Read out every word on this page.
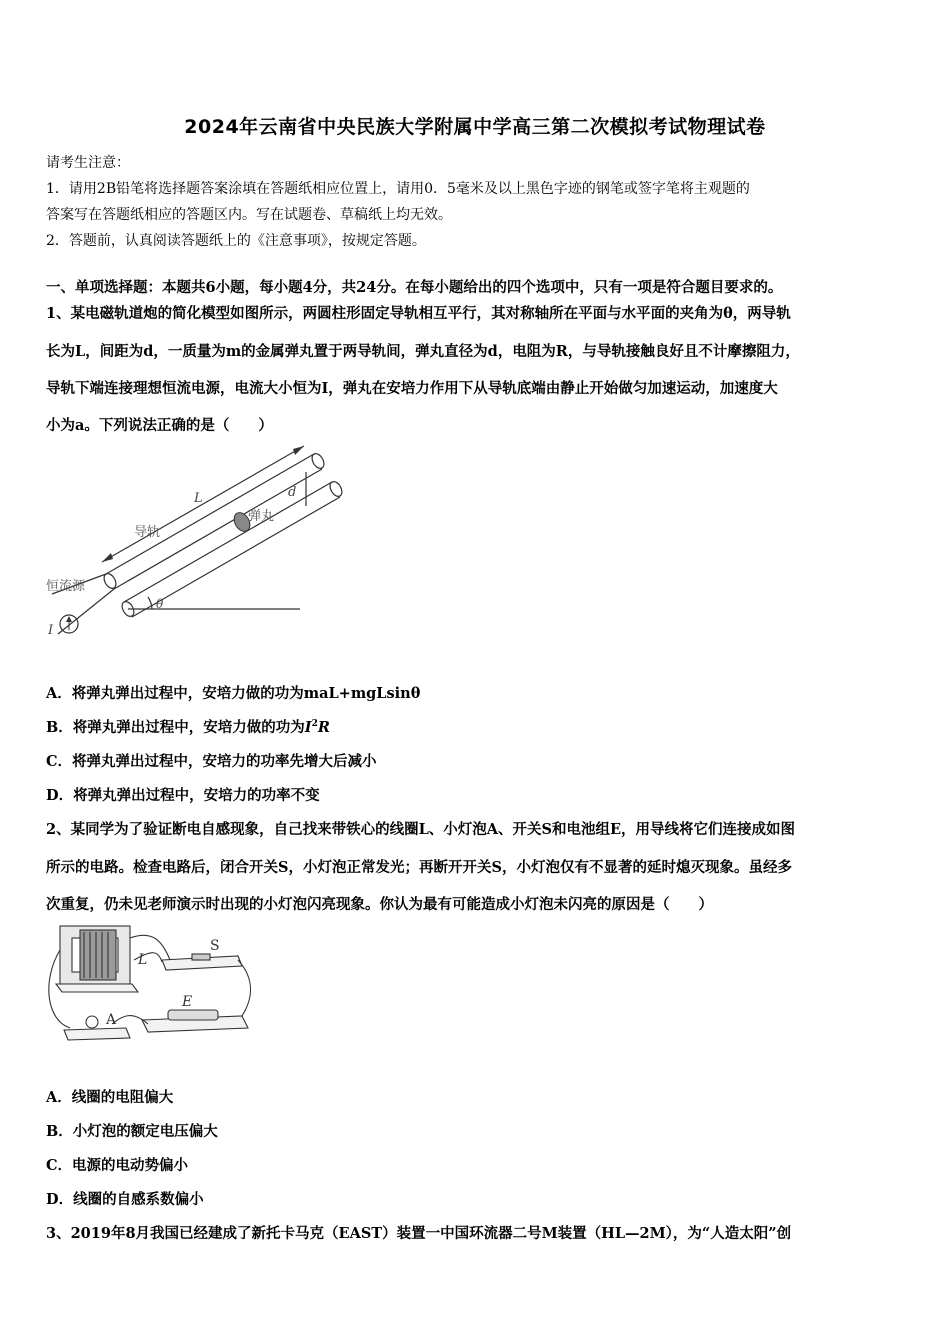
2024年云南省中央民族大学附属中学高三第二次模拟考试物理试卷
请考生注意：
1．请用2B铅笔将选择题答案涂填在答题纸相应位置上，请用0．5毫米及以上黑色字迹的钢笔或签字笔将主观题的
答案写在答题纸相应的答题区内。写在试题卷、草稿纸上均无效。
2．答题前，认真阅读答题纸上的《注意事项》，按规定答题。
一、单项选择题：本题共6小题，每小题4分，共24分。在每小题给出的四个选项中，只有一项是符合题目要求的。
1、某电磁轨道炮的简化模型如图所示，两圆柱形固定导轨相互平行，其对称轴所在平面与水平面的夹角为θ，两导轨
长为L，间距为d，一质量为m的金属弹丸置于两导轨间，弹丸直径为d，电阻为R，与导轨接触良好且不计摩擦阻力，
导轨下端连接理想恒流电源，电流大小恒为I，弹丸在安培力作用下从导轨底端由静止开始做匀加速运动，加速度大
小为a。下列说法正确的是（　　）
L	d
导轨
弹丸
恒流源
I
θ
A．将弹丸弹出过程中，安培力做的功为maL+mgLsinθ
B．将弹丸弹出过程中，安培力做的功为$I^2R$
C．将弹丸弹出过程中，安培力的功率先增大后减小
D．将弹丸弹出过程中，安培力的功率不变
2、某同学为了验证断电自感现象，自己找来带铁心的线圈L、小灯泡A、开关S和电池组E，用导线将它们连接成如图
所示的电路。检查电路后，闭合开关S，小灯泡正常发光；再断开开关S，小灯泡仅有不显著的延时熄灭现象。虽经多
次重复，仍未见老师演示时出现的小灯泡闪亮现象。你认为最有可能造成小灯泡未闪亮的原因是（　　）
S
L
E
A
A．线圈的电阻偏大
B．小灯泡的额定电压偏大
C．电源的电动势偏小
D．线圈的自感系数偏小
3、2019年8月我国已经建成了新托卡马克（EAST）装置一中国环流器二号M装置（HL—2M），为“人造太阳”创
